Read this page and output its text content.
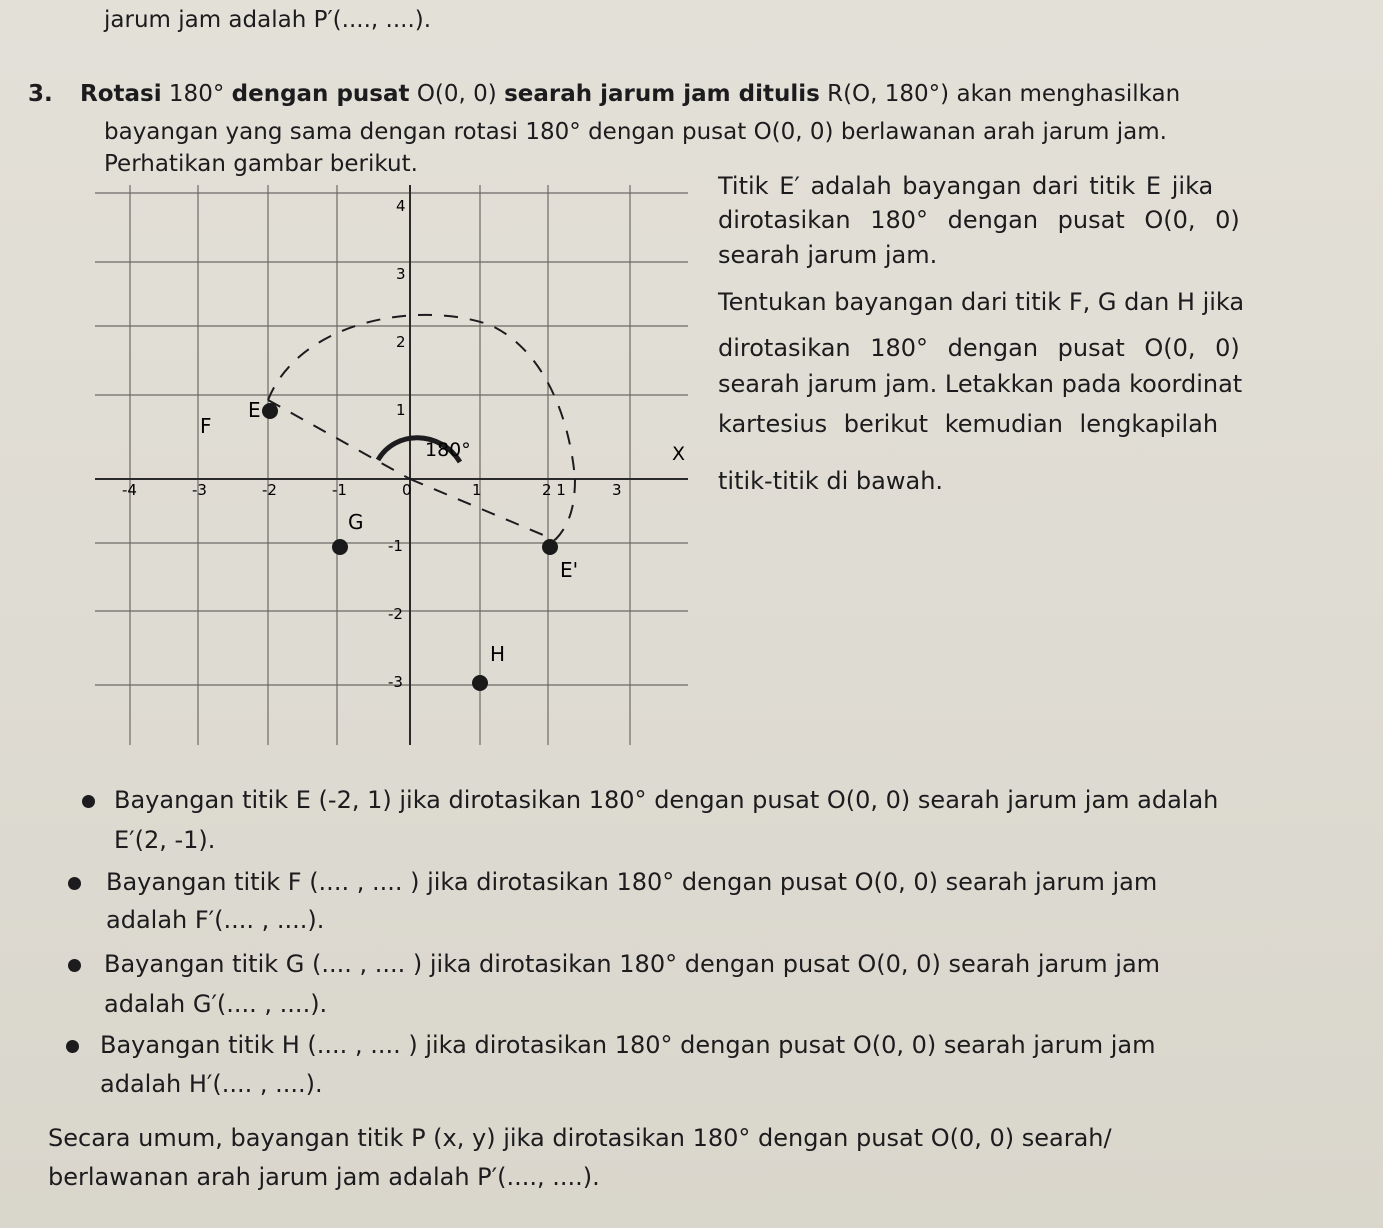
jarum jam adalah P′(...., ....).
3. Rotasi 180° dengan pusat O(0, 0) searah jarum jam ditulis R(O, 180°) akan menghasilkan
bayangan yang sama dengan rotasi 180° dengan pusat O(0, 0) berlawanan arah jarum jam.
Perhatikan gambar berikut.
X
-4	-3	-2	-1	0	1	2 1	3
4
3
2
1
-1
-2
-3
180°
E
F
G
E'
H
Titik E′ adalah bayangan dari titik E jika
dirotasikan 180° dengan pusat O(0, 0)
searah jarum jam.
Tentukan bayangan dari titik F, G dan H jika
dirotasikan 180° dengan pusat O(0, 0)
searah jarum jam. Letakkan pada koordinat
kartesius berikut kemudian lengkapilah
titik-titik di bawah.
Bayangan titik E (-2, 1) jika dirotasikan 180° dengan pusat O(0, 0) searah jarum jam adalah
E′(2, -1).
Bayangan titik F (.... , .... ) jika dirotasikan 180° dengan pusat O(0, 0) searah jarum jam
adalah F′(.... , ....).
Bayangan titik G (.... , .... ) jika dirotasikan 180° dengan pusat O(0, 0) searah jarum jam
adalah G′(.... , ....).
Bayangan titik H (.... , .... ) jika dirotasikan 180° dengan pusat O(0, 0) searah jarum jam
adalah H′(.... , ....).
Secara umum, bayangan titik P (x, y) jika dirotasikan 180° dengan pusat O(0, 0) searah/
berlawanan arah jarum jam adalah P′(...., ....).
